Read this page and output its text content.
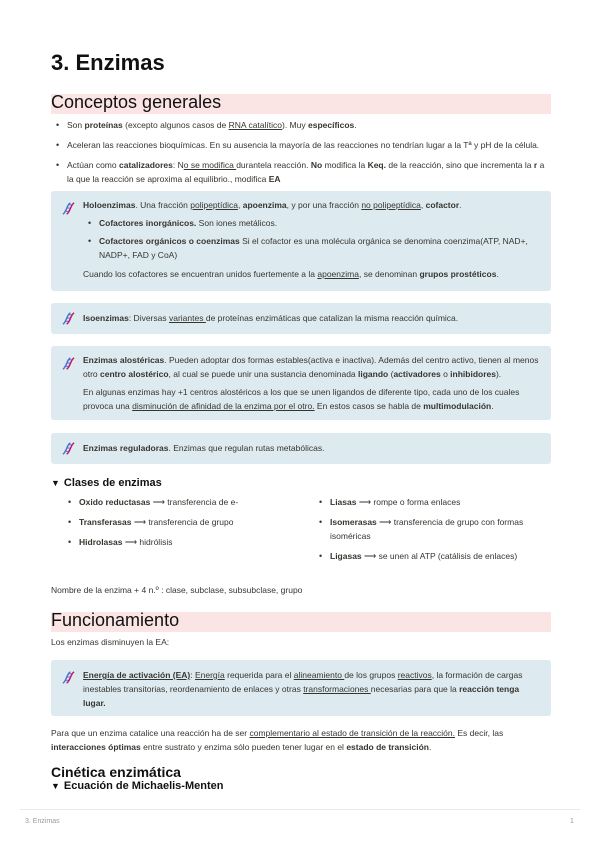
3. Enzimas
Conceptos generales
• Son proteínas (excepto algunos casos de RNA catalítico). Muy específicos.
• Aceleran las reacciones bioquímicas. En su ausencia la mayoría de las reacciones no tendrían lugar a la Tª y pH de la célula.
• Actúan como catalizadores: No se modifica durantela reacción. No modifica la Keq. de la reacción, sino que incrementa la r a la que la reacción se aproxima al equilibrio., modifica EA
Holoenzimas. Una fracción polipeptídica, apoenzima, y por una fracción no polipeptídica, cofactor.
• Cofactores inorgánicos. Son iones metálicos.
• Cofactores orgánicos o coenzimas Si el cofactor es una molécula orgánica se denomina coenzima(ATP, NAD+, NADP+, FAD y CoA)
Cuando los cofactores se encuentran unidos fuertemente a la apoenzima, se denominan grupos prostéticos.
Isoenzimas: Diversas variantes de proteínas enzimáticas que catalizan la misma reacción química.
Enzimas alostéricas. Pueden adoptar dos formas estables(activa e inactiva). Además del centro activo, tienen al menos otro centro alostérico, al cual se puede unir una sustancia denominada ligando (activadores o inhibidores).
En algunas enzimas hay +1 centros alostéricos a los que se unen ligandos de diferente tipo, cada uno de los cuales provoca una disminución de afinidad de la enzima por el otro. En estos casos se habla de multimodulación.
Enzimas reguladoras. Enzimas que regulan rutas metabólicas.
▼ Clases de enzimas
• Oxido reductasas ⟶ transferencia de e-
• Transferasas ⟶ transferencia de grupo
• Hidrolasas ⟶ hidrólisis
• Liasas ⟶ rompe o forma enlaces
• Isomerasas ⟶ transferencia de grupo con formas isoméricas
• Ligasas ⟶ se unen al ATP (catálisis de enlaces)
Nombre de la enzima + 4 n.º : clase, subclase, subsubclase, grupo
Funcionamiento
Los enzimas disminuyen la EA:
Energía de activación (EA): Energía requerida para el alineamiento de los grupos reactivos, la formación de cargas inestables transitorias, reordenamiento de enlaces y otras transformaciones necesarias para que la reacción tenga lugar.
Para que un enzima catalice una reacción ha de ser complementario al estado de transición de la reacción. Es decir, las interacciones óptimas entre sustrato y enzima sólo pueden tener lugar en el estado de transición.
Cinética enzimática
▼ Ecuación de Michaelis-Menten
3. Enzimas	1
